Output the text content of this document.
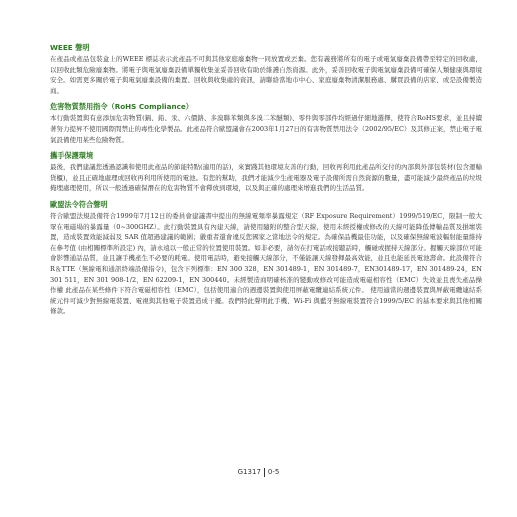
WEEE 聲明

在產品或產品包裝盒上的WEEE 標誌表示此產品不可與其他家庭廢棄物一同放置或丟棄。您有義務將所有的電子或電氣廢棄設備帶至特定的回收處，以回收此類危險廢棄物。將電子與電氣廢棄設備單獨收集並妥善回收有助於維護自然資源。此外，妥善回收電子與電氣廢棄設備可確保人類健康與環境安全。如需更多關於電子與電氣廢棄設備的棄置、回收與收集處的資訊，請聯絡當地市中心、家庭廢棄物清潔服務處、購買設備的店家、或是設備製造商。

危害物質禁用指令（RoHS Compliance）

本行動裝置與有意添加危害物質(鎘、鉛、汞、六價鉻、多溴聯苯類與多溴二苯醚類)、零件與零部件均經過仔細地選擇，使符合RoHS要求，並且持續著努力提昇不使用國際間禁止的毒性化學製品。此產品符合歐盟議會在2003年1月27日的有害物質禁用法令（2002/95/EC）及其修正案，禁止電子電氣設備使用某些危險物質。

攜手保護環境

最後，我們建議您透過認識和使用此產品的節能特點(適用的話)，來實踐其他環境友善的行動，回收再利用此產品所交付的內部與外部包裝材(包含運輸貨櫃)，並且正確地處理或回收再利用所使用的電池。有您的幫助，我們才能減少生產電器及電子設備所需自然資源的數量，盡可能減少最終產品的垃圾掩埋處理使用，所以一般透過確保潛在的危害物質不會釋放到環境，以及與正確的處理來增進我們的生活品質。

歐盟法令符合聲明

符合歐盟法規設備符合1999年7月12日的委員會建議書中提出的無線電頻率暴露規定（RF Exposure Requirement）1999/519/EC，限制一般大眾在電磁場的暴露量（0~300GHZ）。此行動裝置具有內建天線，請使用隨附的整合型天線，使用未經授權或修改的天線可能降低傳輸品質及損壞裝置，造成裝置效能減弱及 SAR 值超過建議的範圍；嚴重者還會違反您國家之當地法令的規定。為確保品機最佳功能，以及確保無線電波輻射能量維持在參考值 (由相關標準所設定) 內，請永遠以一般正常的位置使用裝置。如非必要，請勿在打電話或接聽話時，觸碰或握持天線部分。握觸天線部位可能會影響通話品質，並且讓手機產生不必要的耗電。使用電話時，避免接觸天線部分，不僅能讓天線發揮最高效能，並且也能延長電池壽命。此設備符合R＆TTE（無線電和通訊終端設備指令)，包含下列標準：EN 300 328，EN 301489-1，EN 301489-7，EN301489-17，EN 301489-24，EN 301 511，EN 301 908-1/2，EN 62209-1，EN 300440。未經製造商明確核准的變動或修改可能造成電磁相容性（EMC）失效並且喪失產品操作權 此產品在某些條件下符合電磁相容性（EMC），包括使用適合的週邊裝置與使用屏蔽電纜連結系統元件。 使用適當的週邊裝置與屏蔽電纜連結系統元件可減少對無線電裝置、電視與其他電子裝置造成干擾。我們特此聲明此手機、Wi-Fi 與藍牙無線電裝置符合1999/5/EC 的基本要求與其他相關條款。

G1317 0-5
